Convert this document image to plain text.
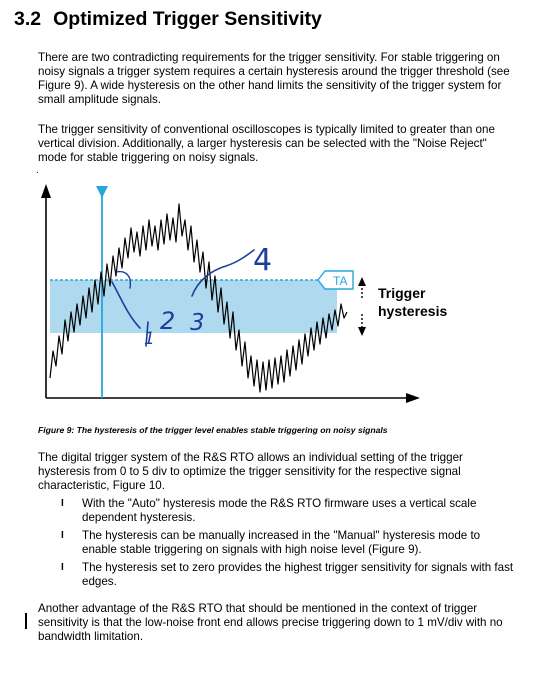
3.2 Optimized Trigger Sensitivity

There are two contradicting requirements for the trigger sensitivity. For stable triggering on noisy signals a trigger system requires a certain hysteresis around the trigger threshold (see Figure 9). A wide hysteresis on the other hand limits the sensitivity of the trigger system for small amplitude signals.

The trigger sensitivity of conventional oscilloscopes is typically limited to greater than one vertical division. Additionally, a larger hysteresis can be selected with the "Noise Reject" mode for stable triggering on noisy signals.

.
TA
Trigger
hysteresis
1
2 3
4
Figure 9: The hysteresis of the trigger level enables stable triggering on noisy signals

The digital trigger system of the R&S RTO allows an individual setting of the trigger hysteresis from 0 to 5 div to optimize the trigger sensitivity for the respective signal characteristic, Figure 10.

I With the "Auto" hysteresis mode the R&S RTO firmware uses a vertical scale dependent hysteresis.
I The hysteresis can be manually increased in the "Manual" hysteresis mode to enable stable triggering on signals with high noise level (Figure 9).
I The hysteresis set to zero provides the highest trigger sensitivity for signals with fast edges.

Another advantage of the R&S RTO that should be mentioned in the context of trigger sensitivity is that the low-noise front end allows precise triggering down to 1 mV/div with no bandwidth limitation.
